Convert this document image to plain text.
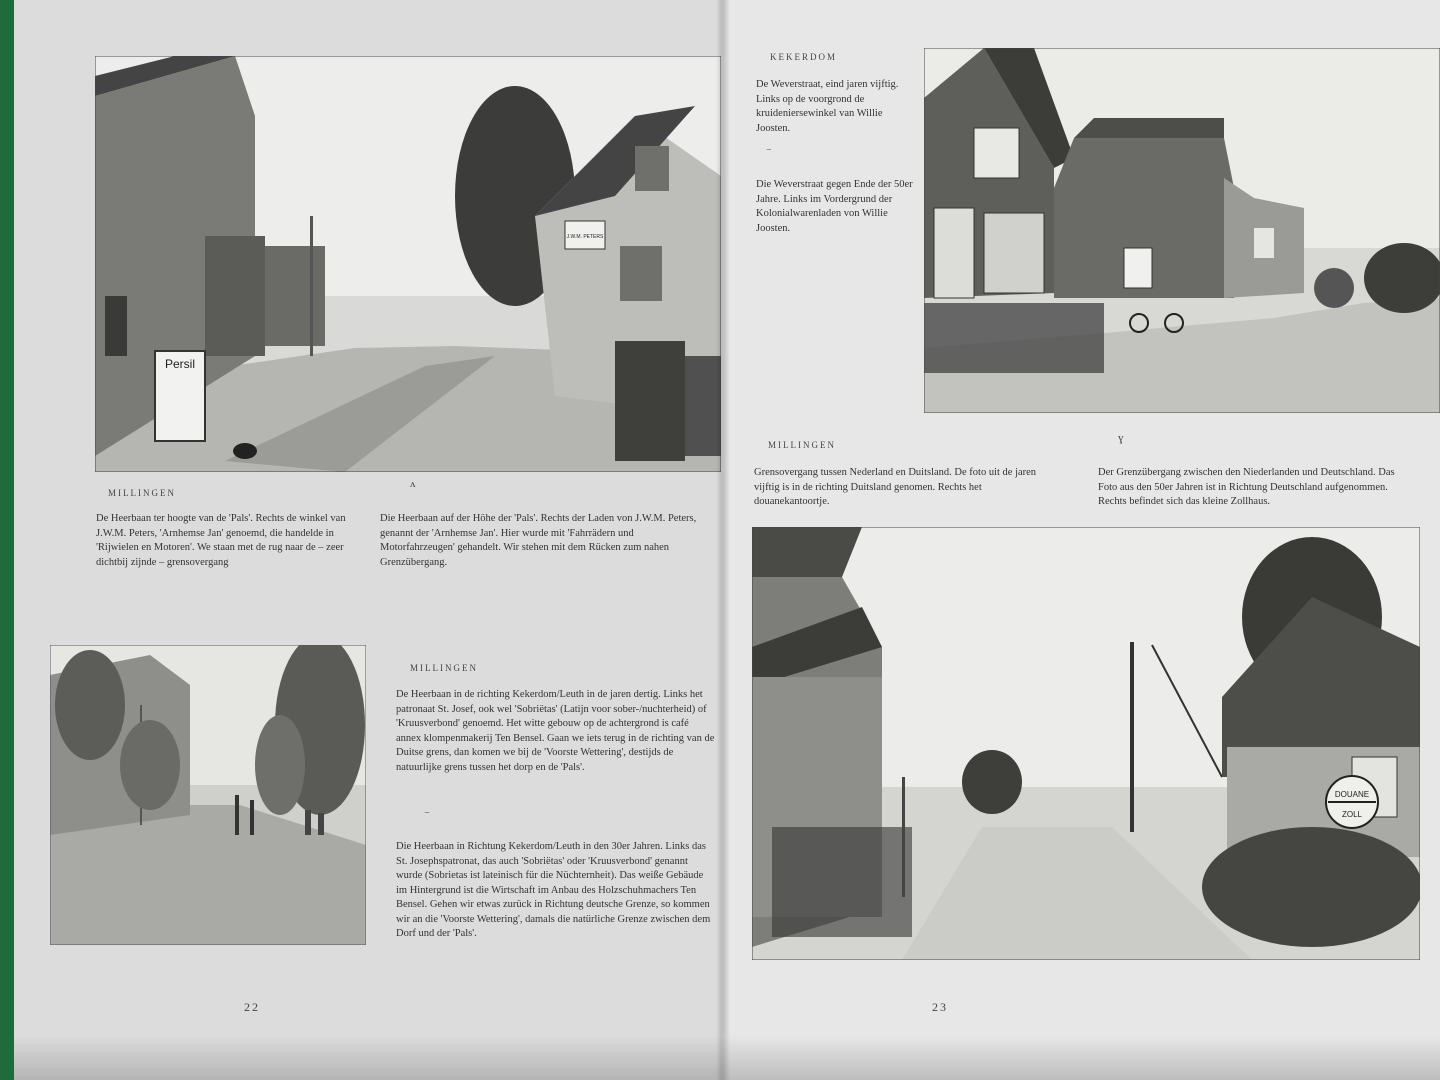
Persil
J.W.M. PETERS
MILLINGEN
De Heerbaan ter hoogte van de 'Pals'. Rechts de winkel van J.W.M. Peters, 'Arnhemse Jan' genoemd, die handelde in 'Rijwielen en Motoren'. We staan met de rug naar de – zeer dichtbij zijnde – grensovergang
ʌ
Die Heerbaan auf der Höhe der 'Pals'. Rechts der Laden von J.W.M. Peters, genannt der 'Arnhemse Jan'. Hier wurde mit 'Fahrrädern und Motorfahrzeugen' gehandelt. Wir stehen mit dem Rücken zum nahen Grenzübergang.
MILLINGEN
De Heerbaan in de richting Kekerdom/Leuth in de jaren dertig. Links het patronaat St. Josef, ook wel 'Sobriëtas' (Latijn voor sober-/nuchterheid) of 'Kruusverbond' genoemd. Het witte gebouw op de achtergrond is café annex klompenmakerij Ten Bensel. Gaan we iets terug in de richting van de Duitse grens, dan komen we bij de 'Voorste Wettering', destijds de natuurlijke grens tussen het dorp en de 'Pals'.
⁻
Die Heerbaan in Richtung Kekerdom/Leuth in den 30er Jahren. Links das St. Josephspatronat, das auch 'Sobriëtas' oder 'Kruusverbond' genannt wurde (Sobrietas ist lateinisch für die Nüchternheit). Das weiße Gebäude im Hintergrund ist die Wirtschaft im Anbau des Holzschuhmachers Ten Bensel. Gehen wir etwas zurück in Richtung deutsche Grenze, so kommen wir an die 'Voorste Wettering', damals die natürliche Grenze zwischen dem Dorf und der 'Pals'.
22
KEKERDOM
De Weverstraat, eind jaren vijftig. Links op de voorgrond de kruideniersewinkel van Willie Joosten.
⁻
Die Weverstraat gegen Ende der 50er Jahre. Links im Vordergrund der Kolonialwarenladen von Willie Joosten.
MILLINGEN
ɣ
Grensovergang tussen Nederland en Duitsland. De foto uit de jaren vijftig is in de richting Duitsland genomen. Rechts het douanekantoortje.
Der Grenzübergang zwischen den Niederlanden und Deutschland. Das Foto aus den 50er Jahren ist in Richtung Deutschland aufgenommen. Rechts befindet sich das kleine Zollhaus.
DOUANE
ZOLL
23
